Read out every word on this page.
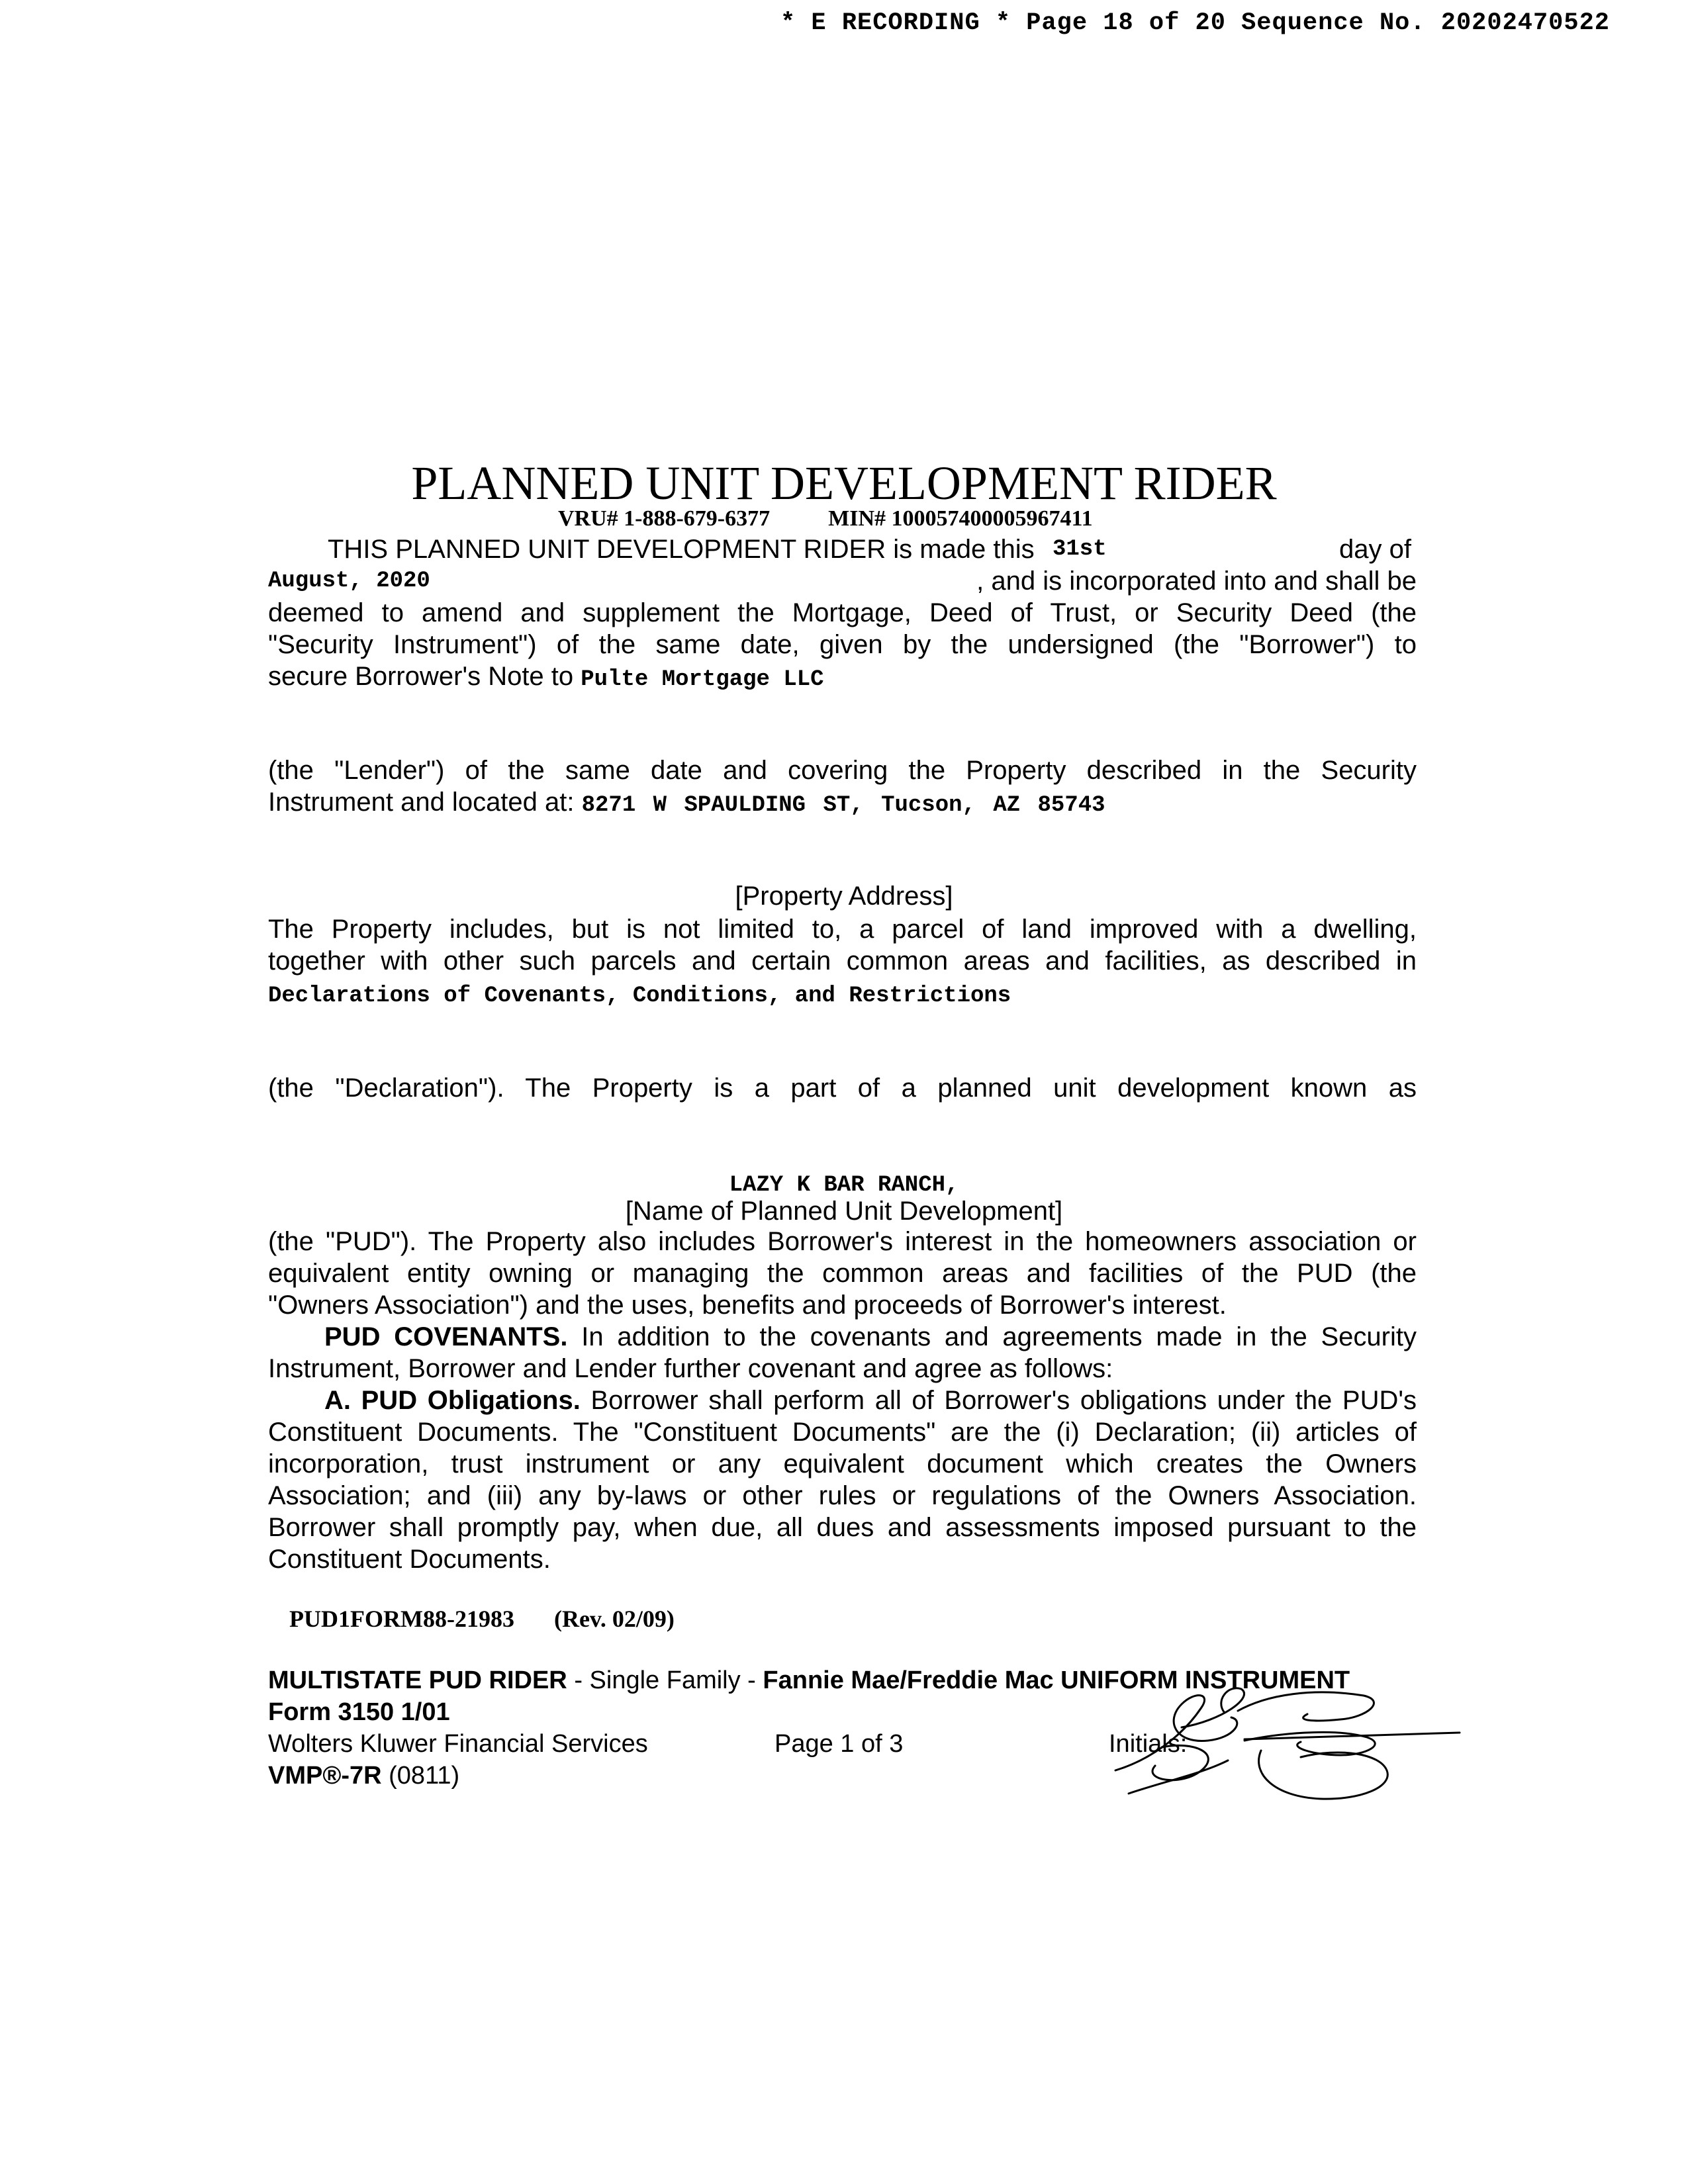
* E RECORDING * Page 18 of 20 Sequence No. 20202470522
PLANNED UNIT DEVELOPMENT RIDER
VRU# 1-888-679-6377	MIN# 100057400005967411
THIS PLANNED UNIT DEVELOPMENT RIDER is made this 31st	day of
August, 2020	, and is incorporated into and shall be
deemed to amend and supplement the Mortgage, Deed of Trust, or Security Deed (the
"Security Instrument") of the same date, given by the undersigned (the "Borrower") to
secure Borrower's Note to Pulte Mortgage LLC
(the "Lender") of the same date and covering the Property described in the Security
Instrument and located at: 8271 W SPAULDING ST, Tucson, AZ 85743
[Property Address]
The Property includes, but is not limited to, a parcel of land improved with a dwelling,
together with other such parcels and certain common areas and facilities, as described in
Declarations of Covenants, Conditions, and Restrictions
(the "Declaration"). The Property is a part of a planned unit development known as
LAZY K BAR RANCH,
[Name of Planned Unit Development]
(the "PUD"). The Property also includes Borrower's interest in the homeowners association or
equivalent entity owning or managing the common areas and facilities of the PUD (the
"Owners Association") and the uses, benefits and proceeds of Borrower's interest.
PUD COVENANTS. In addition to the covenants and agreements made in the Security
Instrument, Borrower and Lender further covenant and agree as follows:
A. PUD Obligations. Borrower shall perform all of Borrower's obligations under the PUD's
Constituent Documents. The "Constituent Documents" are the (i) Declaration; (ii) articles of
incorporation, trust instrument or any equivalent document which creates the Owners
Association; and (iii) any by-laws or other rules or regulations of the Owners Association.
Borrower shall promptly pay, when due, all dues and assessments imposed pursuant to the
Constituent Documents.
PUD1FORM88-21983 (Rev. 02/09)
MULTISTATE PUD RIDER - Single Family - Fannie Mae/Freddie Mac UNIFORM INSTRUMENT
Form 3150 1/01
Wolters Kluwer Financial Services	Page 1 of 3	Initials:
VMP®-7R (0811)
